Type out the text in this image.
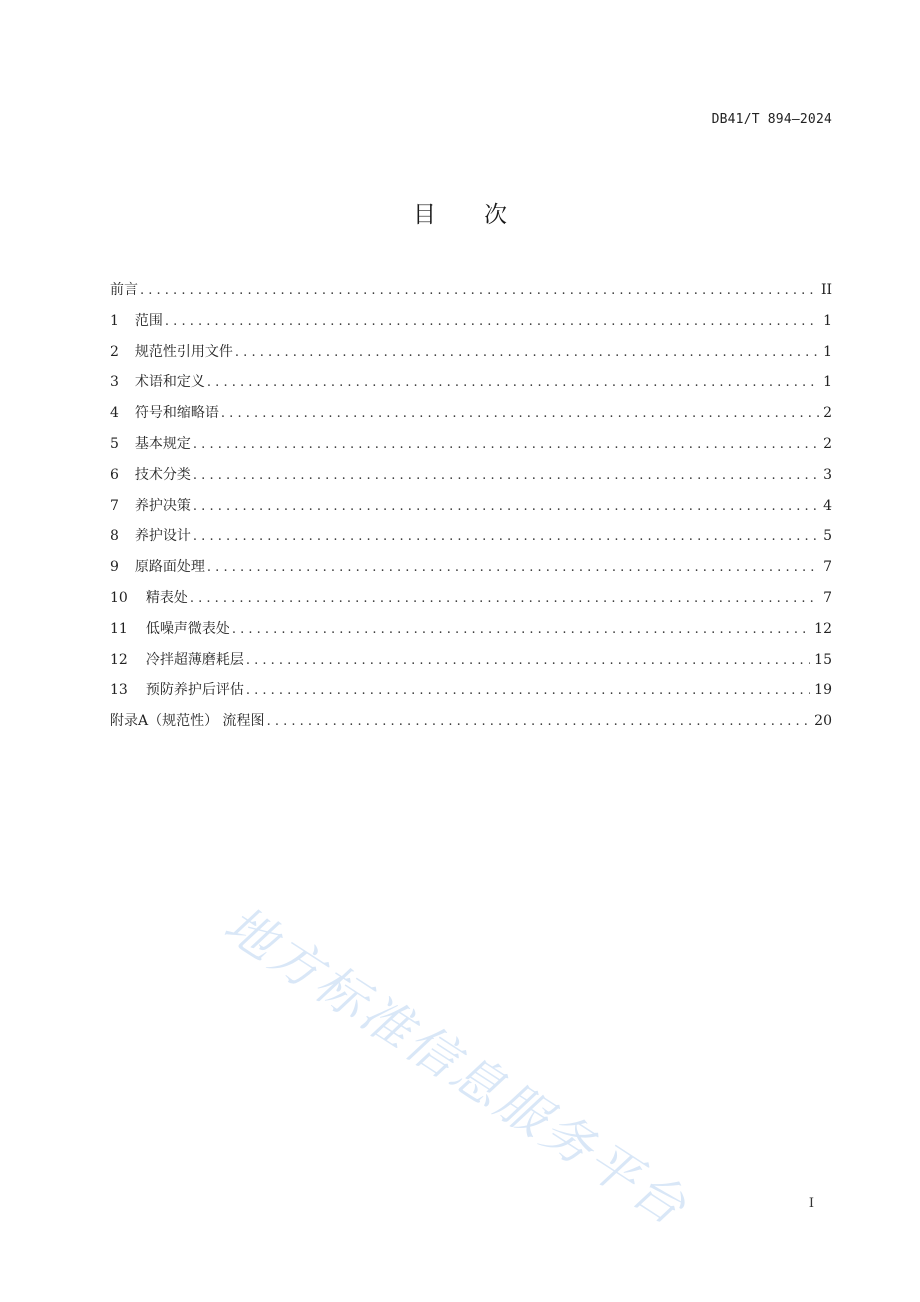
DB41/T 894—2024
目 次
前言 . . .	II
1 范围 . . .	1
2 规范性引用文件 . . .	1
3 术语和定义 . . .	1
4 符号和缩略语 . . .	2
5 基本规定 . . .	2
6 技术分类 . . .	3
7 养护决策 . . .	4
8 养护设计 . . .	5
9 原路面处理 . . .	7
10 精表处 . . .	7
11 低噪声微表处 . . .	12
12 冷拌超薄磨耗层 . . .	15
13 预防养护后评估 . . .	19
附录A（规范性） 流程图 . . .	20
地方标准信息服务平台	I
